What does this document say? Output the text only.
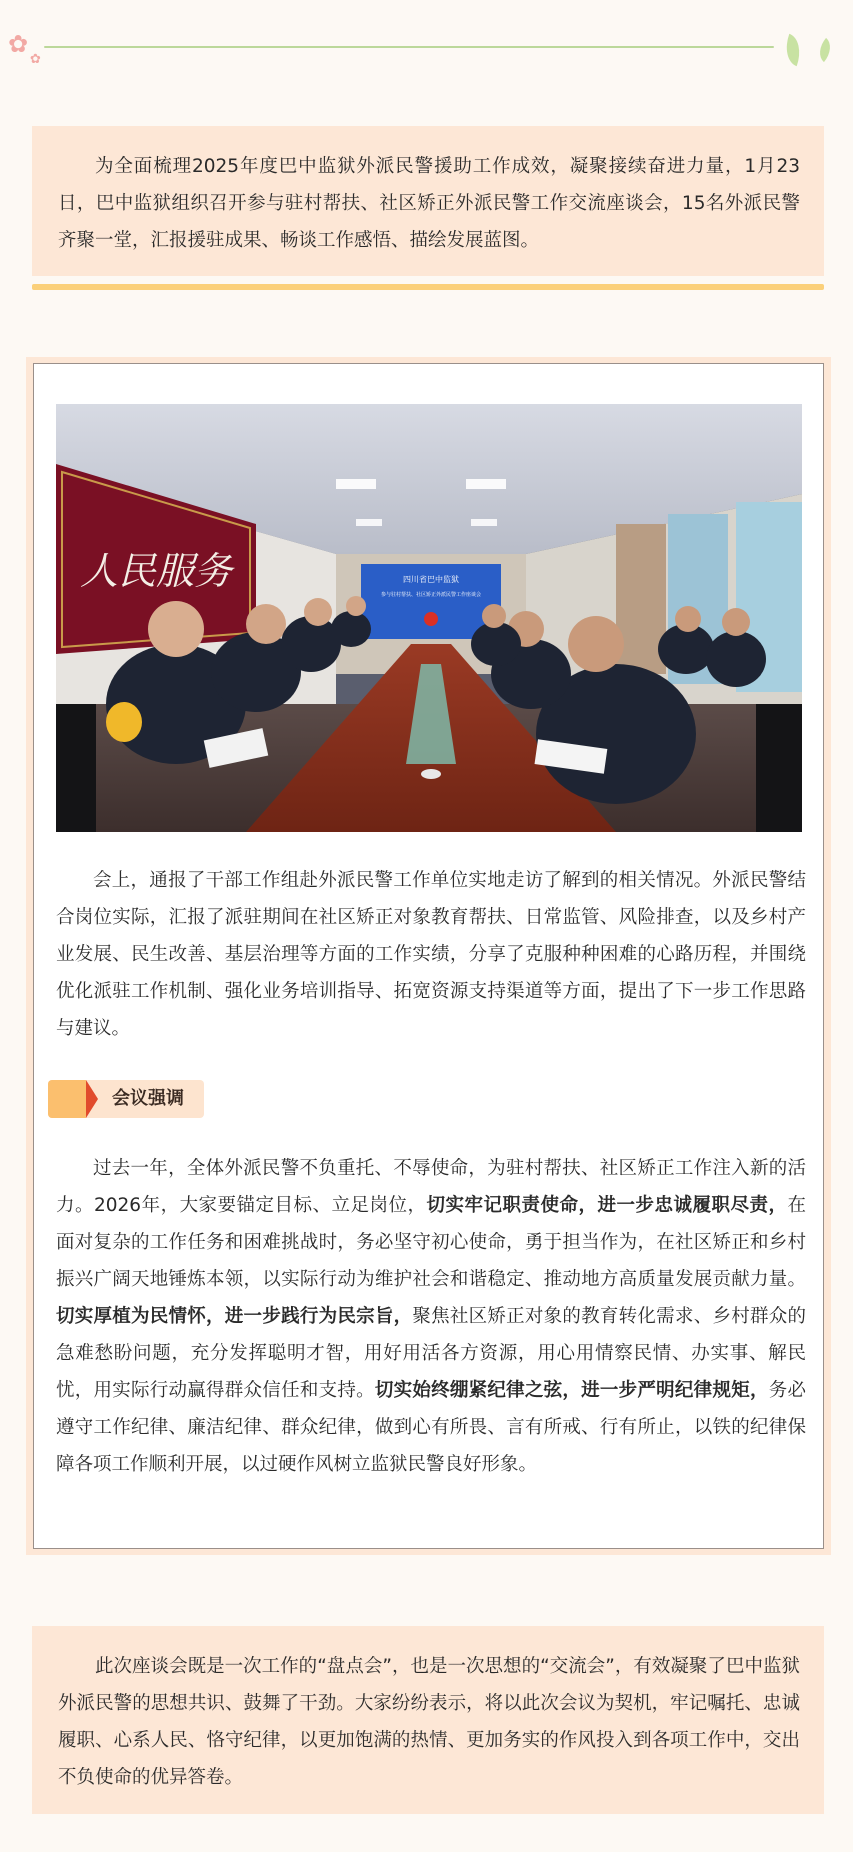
✿
✿

为全面梳理2025年度巴中监狱外派民警援助工作成效，凝聚接续奋进力量，1月23日，巴中监狱组织召开参与驻村帮扶、社区矫正外派民警工作交流座谈会，15名外派民警齐聚一堂，汇报援驻成果、畅谈工作感悟、描绘发展蓝图。

四川省巴中监狱
参与驻村帮扶、社区矫正外派民警工作座谈会
人民服务

会上，通报了干部工作组赴外派民警工作单位实地走访了解到的相关情况。外派民警结合岗位实际，汇报了派驻期间在社区矫正对象教育帮扶、日常监管、风险排查，以及乡村产业发展、民生改善、基层治理等方面的工作实绩，分享了克服种种困难的心路历程，并围绕优化派驻工作机制、强化业务培训指导、拓宽资源支持渠道等方面，提出了下一步工作思路与建议。

会议强调

过去一年，全体外派民警不负重托、不辱使命，为驻村帮扶、社区矫正工作注入新的活力。2026年，大家要锚定目标、立足岗位，切实牢记职责使命，进一步忠诚履职尽责，在面对复杂的工作任务和困难挑战时，务必坚守初心使命，勇于担当作为，在社区矫正和乡村振兴广阔天地锤炼本领，以实际行动为维护社会和谐稳定、推动地方高质量发展贡献力量。切实厚植为民情怀，进一步践行为民宗旨，聚焦社区矫正对象的教育转化需求、乡村群众的急难愁盼问题，充分发挥聪明才智，用好用活各方资源，用心用情察民情、办实事、解民忧，用实际行动赢得群众信任和支持。切实始终绷紧纪律之弦，进一步严明纪律规矩，务必遵守工作纪律、廉洁纪律、群众纪律，做到心有所畏、言有所戒、行有所止，以铁的纪律保障各项工作顺利开展，以过硬作风树立监狱民警良好形象。

此次座谈会既是一次工作的“盘点会”，也是一次思想的“交流会”，有效凝聚了巴中监狱外派民警的思想共识、鼓舞了干劲。大家纷纷表示，将以此次会议为契机，牢记嘱托、忠诚履职、心系人民、恪守纪律，以更加饱满的热情、更加务实的作风投入到各项工作中，交出不负使命的优异答卷。
